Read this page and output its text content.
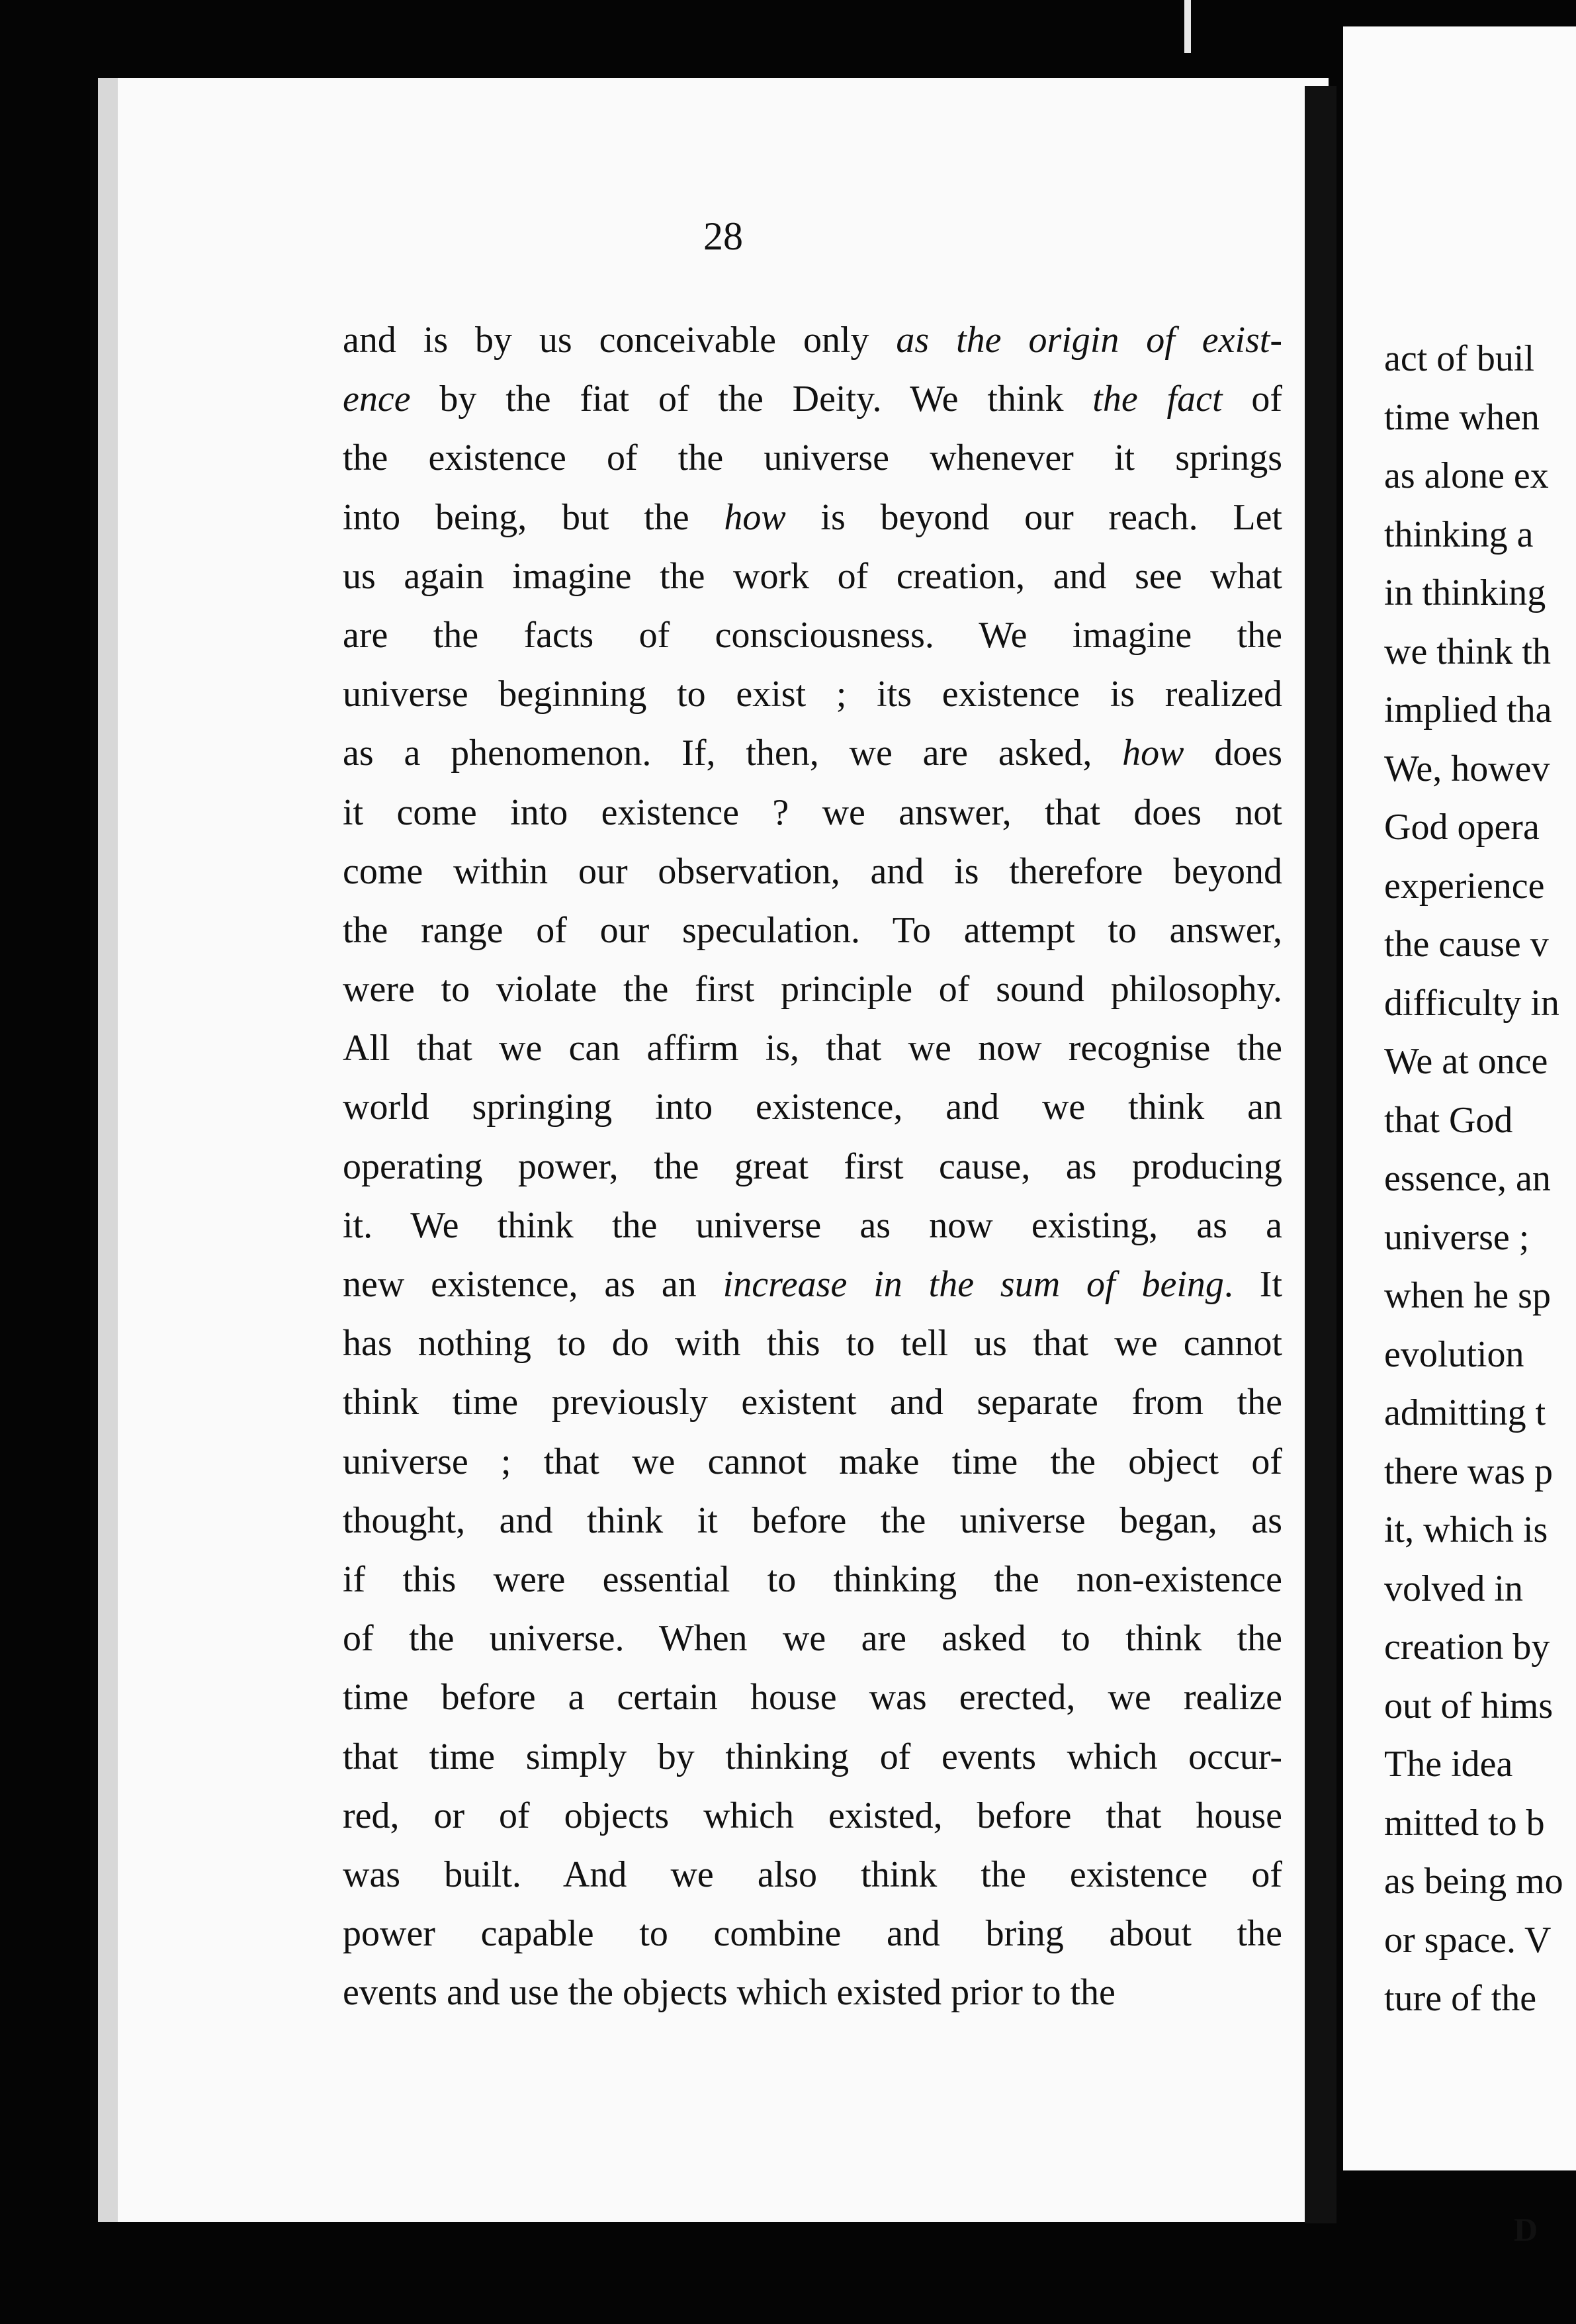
28
and is by us conceivable only as the origin of exist-
ence by the fiat of the Deity. We think the fact of
the existence of the universe whenever it springs
into being, but the how is beyond our reach. Let
us again imagine the work of creation, and see what
are the facts of consciousness. We imagine the
universe beginning to exist ; its existence is realized
as a phenomenon. If, then, we are asked, how does
it come into existence ? we answer, that does not
come within our observation, and is therefore beyond
the range of our speculation. To attempt to answer,
were to violate the first principle of sound philosophy.
All that we can affirm is, that we now recognise the
world springing into existence, and we think an
operating power, the great first cause, as producing
it. We think the universe as now existing, as a
new existence, as an increase in the sum of being. It
has nothing to do with this to tell us that we cannot
think time previously existent and separate from the
universe ; that we cannot make time the object of
thought, and think it before the universe began, as
if this were essential to thinking the non-existence
of the universe. When we are asked to think the
time before a certain house was erected, we realize
that time simply by thinking of events which occur-
red, or of objects which existed, before that house
was built. And we also think the existence of
power capable to combine and bring about the
events and use the objects which existed prior to the
act of buil
time when
as alone ex
thinking a
in thinking
we think th
implied tha
We, howev
God opera
experience
the cause v
difficulty in
We at once
that God
essence, an
universe ;
when he sp
evolution
admitting t
there was p
it, which is
volved in
creation by
out of hims
The idea
mitted to b
as being mo
or space. V
ture of the
D
